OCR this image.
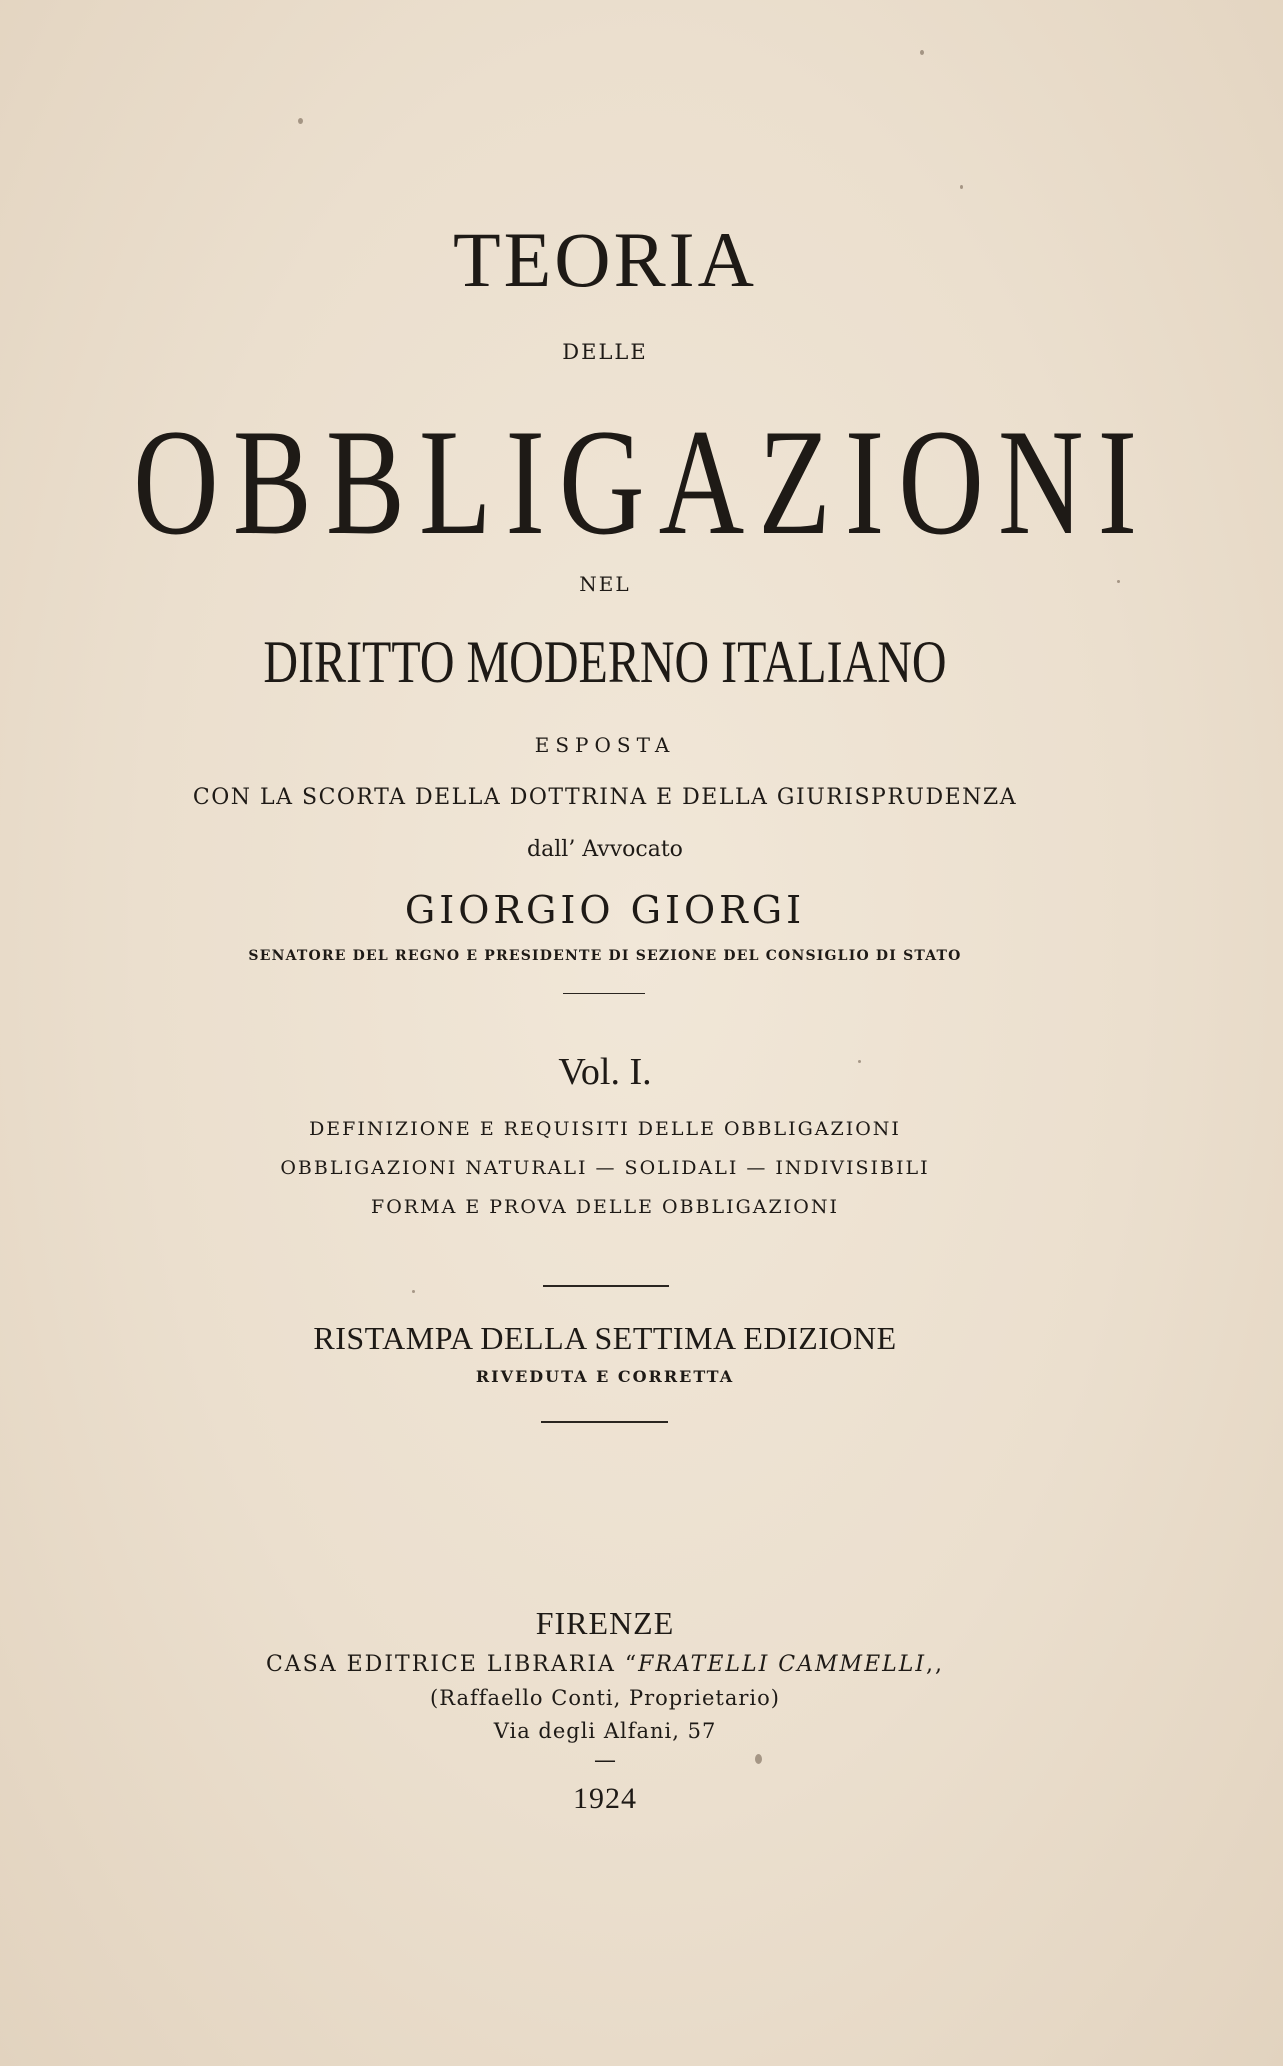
TEORIA
DELLE
OBBLIGAZIONI
NEL
DIRITTO MODERNO ITALIANO
ESPOSTA
CON LA SCORTA DELLA DOTTRINA E DELLA GIURISPRUDENZA
dall’ Avvocato
GIORGIO GIORGI
SENATORE DEL REGNO E PRESIDENTE DI SEZIONE DEL CONSIGLIO DI STATO
Vol. I.
DEFINIZIONE E REQUISITI DELLE OBBLIGAZIONI
OBBLIGAZIONI NATURALI — SOLIDALI — INDIVISIBILI
FORMA E PROVA DELLE OBBLIGAZIONI
RISTAMPA DELLA SETTIMA EDIZIONE
RIVEDUTA E CORRETTA
FIRENZE
CASA EDITRICE LIBRARIA “FRATELLI CAMMELLI,,
(Raffaello Conti, Proprietario)
Via degli Alfani, 57
—
1924
